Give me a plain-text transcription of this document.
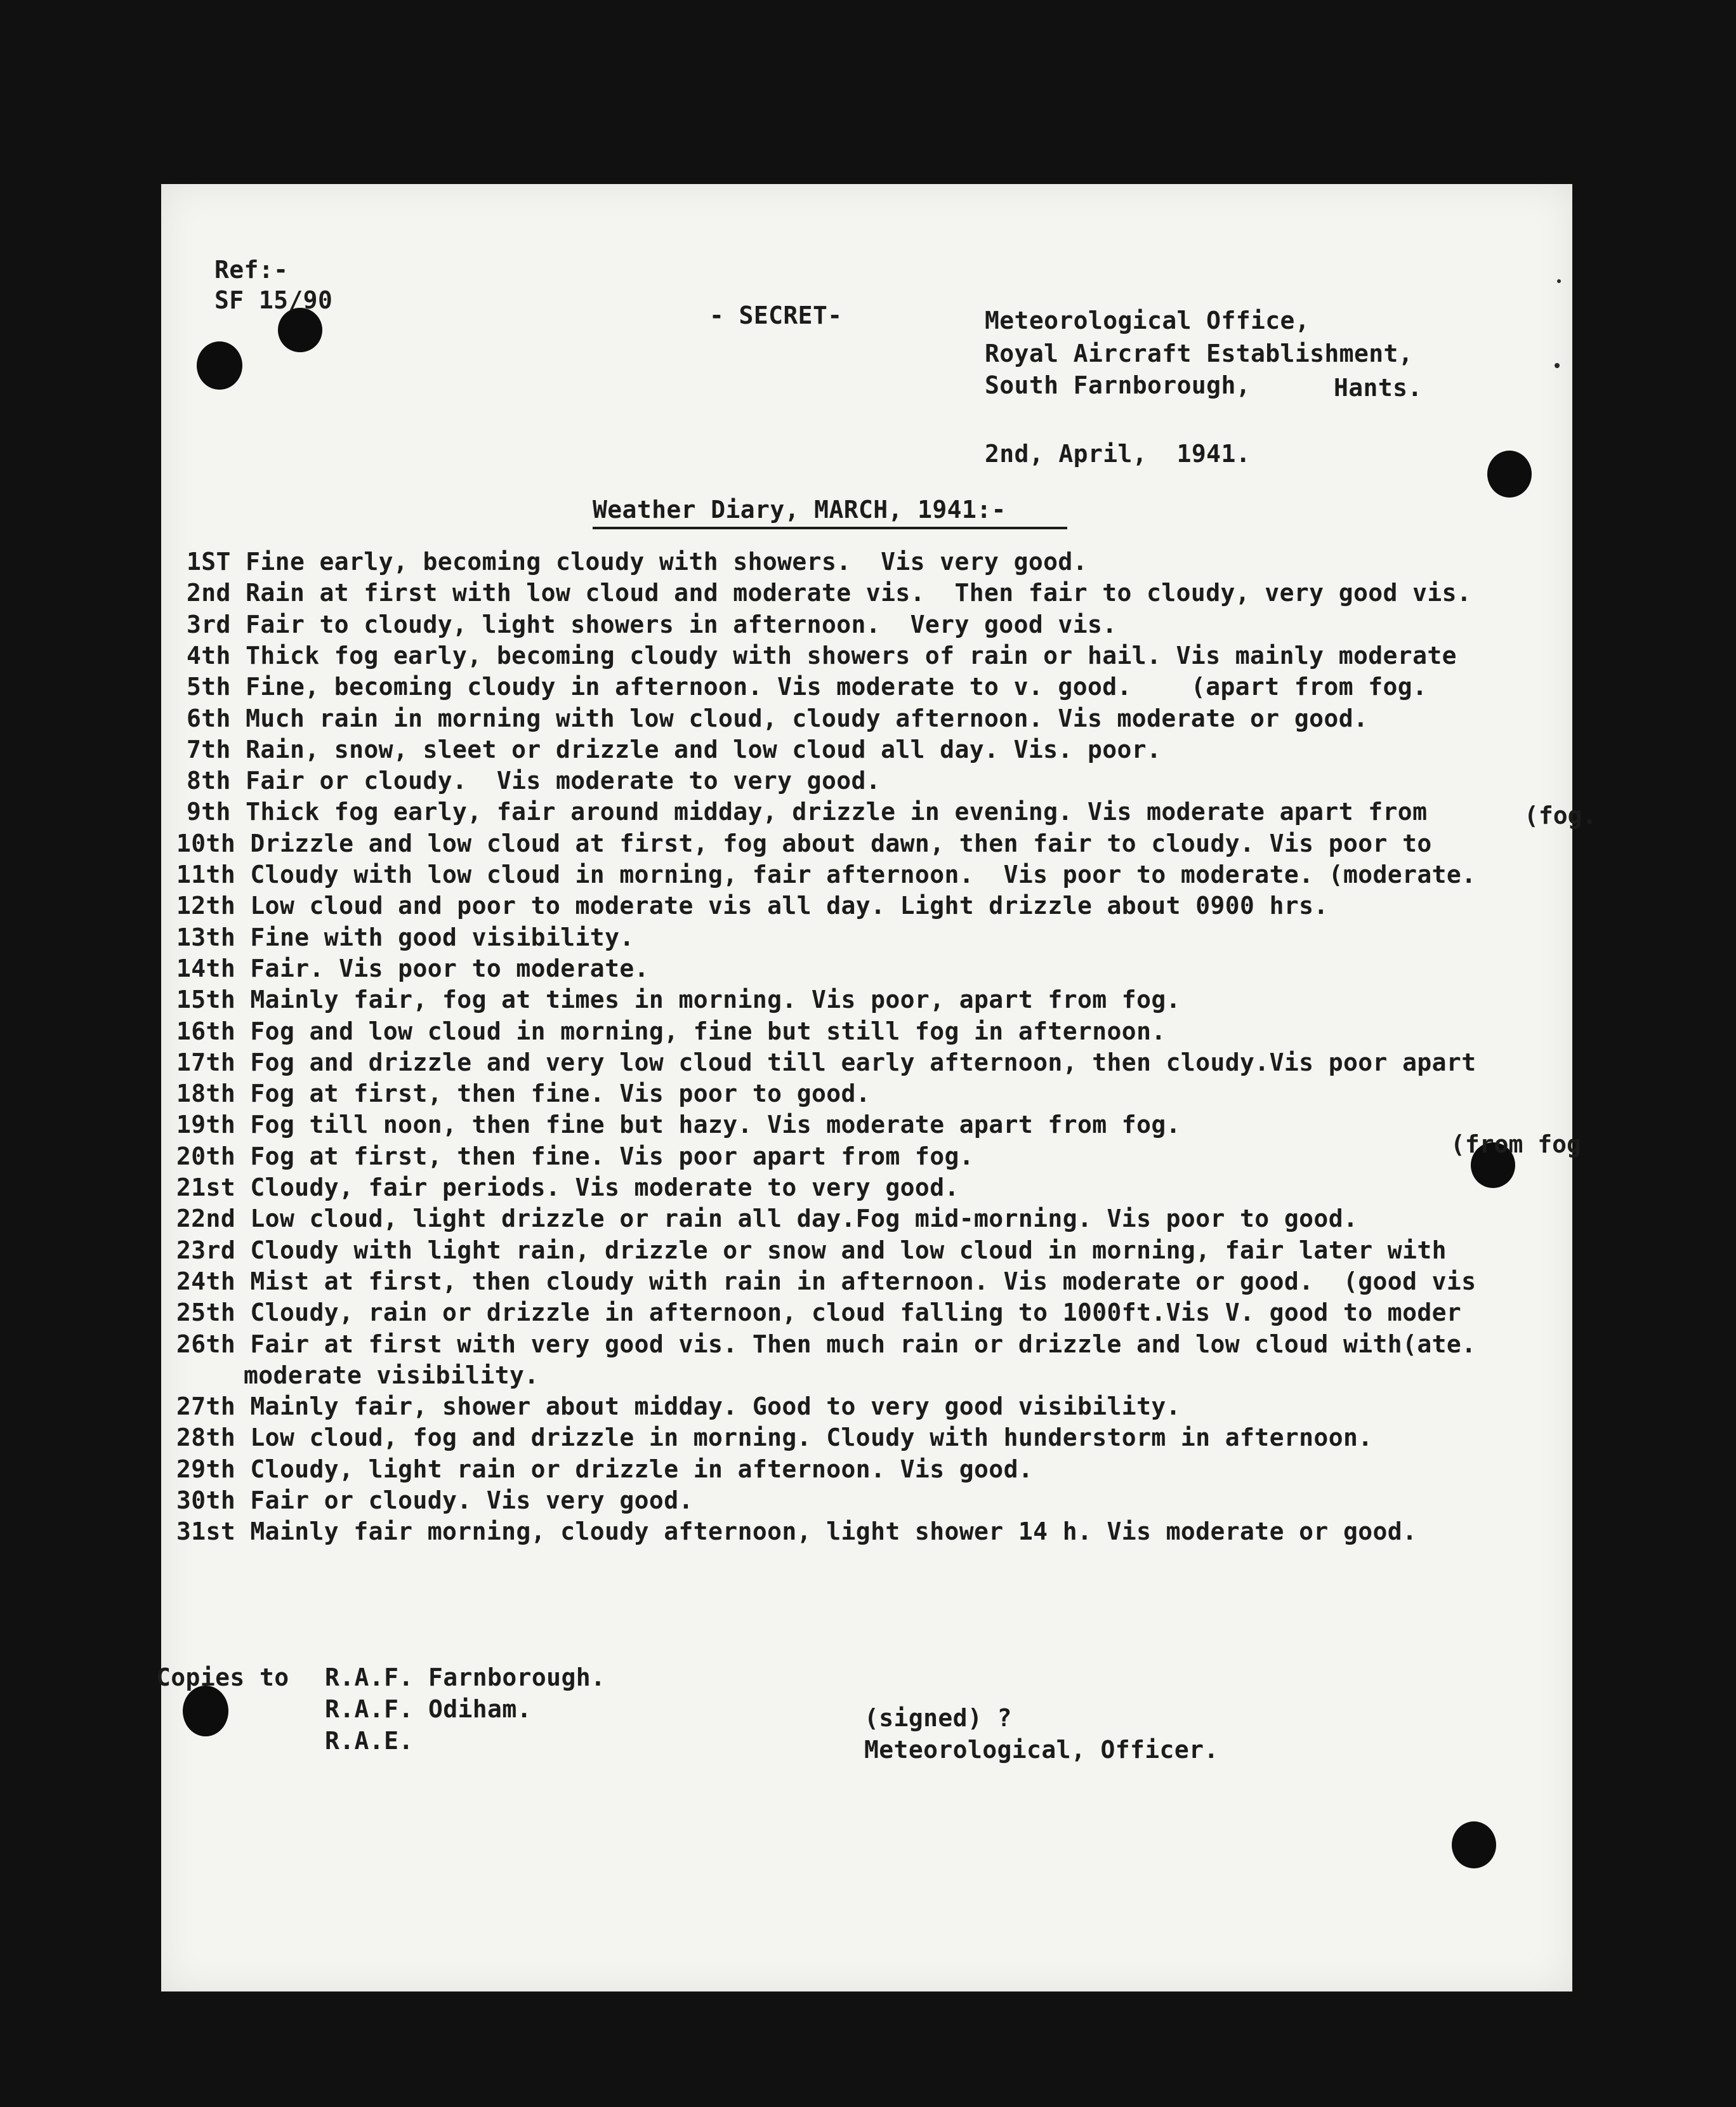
Ref:-
SF 15/90
- SECRET-	Meteorological Office,
Royal Aircraft Establishment,
South Farnborough,	Hants.
2nd, April,  1941.
Weather Diary, MARCH, 1941:-
1ST Fine early, becoming cloudy with showers.  Vis very good.
2nd Rain at first with low cloud and moderate vis.  Then fair to cloudy, very good vis.
3rd Fair to cloudy, light showers in afternoon.  Very good vis.
4th Thick fog early, becoming cloudy with showers of rain or hail. Vis mainly moderate
5th Fine, becoming cloudy in afternoon. Vis moderate to v. good.    (apart from fog.
6th Much rain in morning with low cloud, cloudy afternoon. Vis moderate or good.
7th Rain, snow, sleet or drizzle and low cloud all day. Vis. poor.
8th Fair or cloudy.  Vis moderate to very good.
9th Thick fog early, fair around midday, drizzle in evening. Vis moderate apart from
10th Drizzle and low cloud at first, fog about dawn, then fair to cloudy. Vis poor to
11th Cloudy with low cloud in morning, fair afternoon.  Vis poor to moderate. (moderate.
12th Low cloud and poor to moderate vis all day. Light drizzle about 0900 hrs.
13th Fine with good visibility.
14th Fair. Vis poor to moderate.
15th Mainly fair, fog at times in morning. Vis poor, apart from fog.
16th Fog and low cloud in morning, fine but still fog in afternoon.
17th Fog and drizzle and very low cloud till early afternoon, then cloudy.Vis poor apart
18th Fog at first, then fine. Vis poor to good.
19th Fog till noon, then fine but hazy. Vis moderate apart from fog.
20th Fog at first, then fine. Vis poor apart from fog.
21st Cloudy, fair periods. Vis moderate to very good.
22nd Low cloud, light drizzle or rain all day.Fog mid-morning. Vis poor to good.
23rd Cloudy with light rain, drizzle or snow and low cloud in morning, fair later with
24th Mist at first, then cloudy with rain in afternoon. Vis moderate or good.  (good vis
25th Cloudy, rain or drizzle in afternoon, cloud falling to 1000ft.Vis V. good to moder
26th Fair at first with very good vis. Then much rain or drizzle and low cloud with(ate.
moderate visibility.
27th Mainly fair, shower about midday. Good to very good visibility.
28th Low cloud, fog and drizzle in morning. Cloudy with hunderstorm in afternoon.
29th Cloudy, light rain or drizzle in afternoon. Vis good.
30th Fair or cloudy. Vis very good.
31st Mainly fair morning, cloudy afternoon, light shower 14 h. Vis moderate or good.
(fog.
(from fog
Copies to R.A.F. Farnborough.
R.A.F. Odiham.
R.A.E.
(signed) ?
Meteorological, Officer.
